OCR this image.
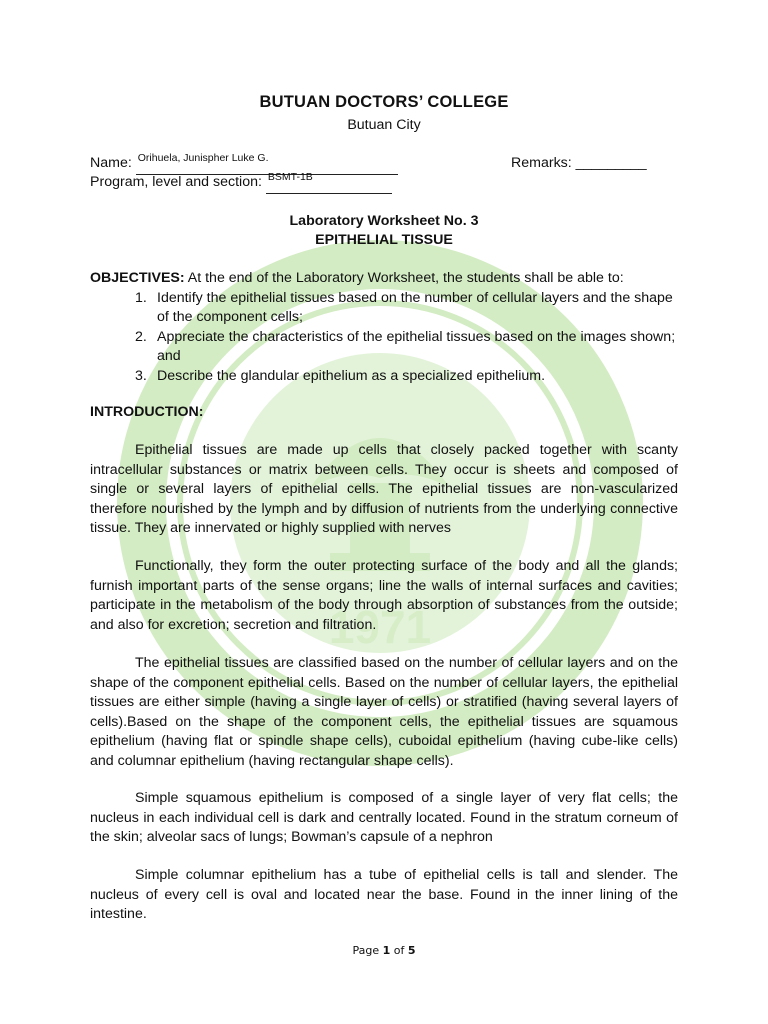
1971
BUTUAN DOCTORS’ COLLEGE
Butuan City
Name: Orihuela, Junispher Luke G.
	Remarks: _________
Program, level and section: BSMT-1B

Laboratory Worksheet No. 3
EPITHELIAL TISSUE
OBJECTIVES: At the end of the Laboratory Worksheet, the students shall be able to:
1. Identify the epithelial tissues based on the number of cellular layers and the shape of the component cells;
2. Appreciate the characteristics of the epithelial tissues based on the images shown; and
3. Describe the glandular epithelium as a specialized epithelium.
INTRODUCTION:

Epithelial tissues are made up cells that closely packed together with scanty intracellular substances or matrix between cells. They occur is sheets and composed of single or several layers of epithelial cells. The epithelial tissues are non-vascularized therefore nourished by the lymph and by diffusion of nutrients from the underlying connective tissue. They are innervated or highly supplied with nerves

Functionally, they form the outer protecting surface of the body and all the glands; furnish important parts of the sense organs; line the walls of internal surfaces and cavities; participate in the metabolism of the body through absorption of substances from the outside; and also for excretion; secretion and filtration.

The epithelial tissues are classified based on the number of cellular layers and on the shape of the component epithelial cells. Based on the number of cellular layers, the epithelial tissues are either simple (having a single layer of cells) or stratified (having several layers of cells).Based on the shape of the component cells, the epithelial tissues are squamous epithelium (having flat or spindle shape cells), cuboidal epithelium (having cube-like cells) and columnar epithelium (having rectangular shape cells).

Simple squamous epithelium is composed of a single layer of very flat cells; the nucleus in each individual cell is dark and centrally located. Found in the stratum corneum of the skin; alveolar sacs of lungs; Bowman’s capsule of a nephron

Simple columnar epithelium has a tube of epithelial cells is tall and slender. The nucleus of every cell is oval and located near the base. Found in the inner lining of the intestine.

Page 1 of 5
